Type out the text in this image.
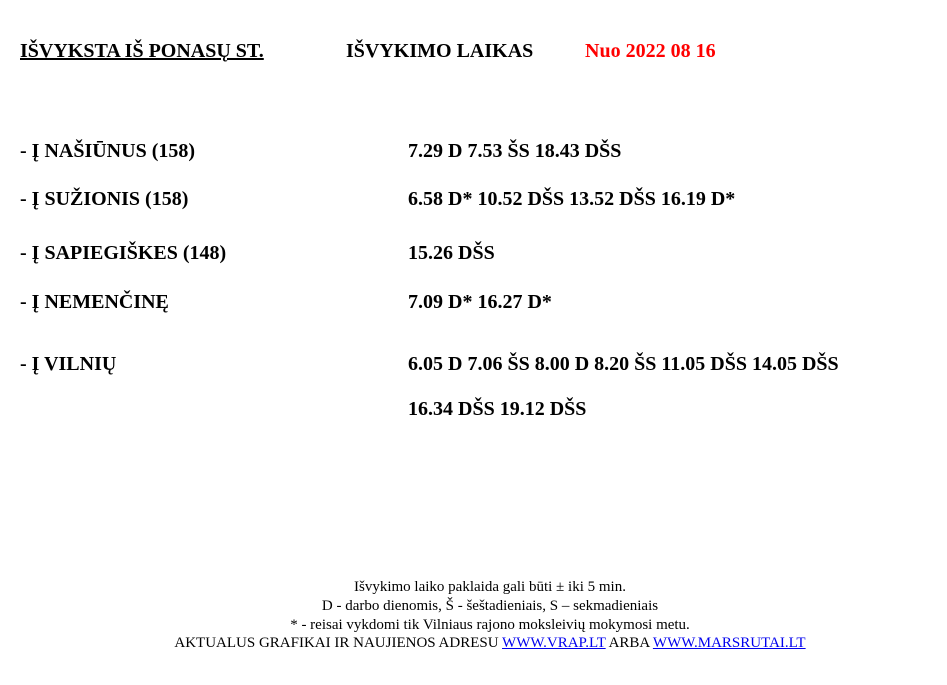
IŠVYKSTA IŠ PONASŲ ST.	IŠVYKIMO LAIKAS	Nuo 2022 08 16
- Į NAŠIŪNUS (158)	7.29 D 7.53 ŠS 18.43 DŠS
- Į SUŽIONIS (158)	6.58 D* 10.52 DŠS 13.52 DŠS 16.19 D*
- Į SAPIEGIŠKES (148)	15.26 DŠS
- Į NEMENČINĘ	7.09 D* 16.27 D*
- Į VILNIŲ	6.05 D 7.06 ŠS 8.00 D 8.20 ŠS 11.05 DŠS 14.05 DŠS
16.34 DŠS 19.12 DŠS
Išvykimo laiko paklaida gali būti ± iki 5 min.
D - darbo dienomis, Š - šeštadieniais, S – sekmadieniais
* - reisai vykdomi tik Vilniaus rajono moksleivių mokymosi metu.
AKTUALUS GRAFIKAI IR NAUJIENOS ADRESU WWW.VRAP.LT ARBA WWW.MARSRUTAI.LT
